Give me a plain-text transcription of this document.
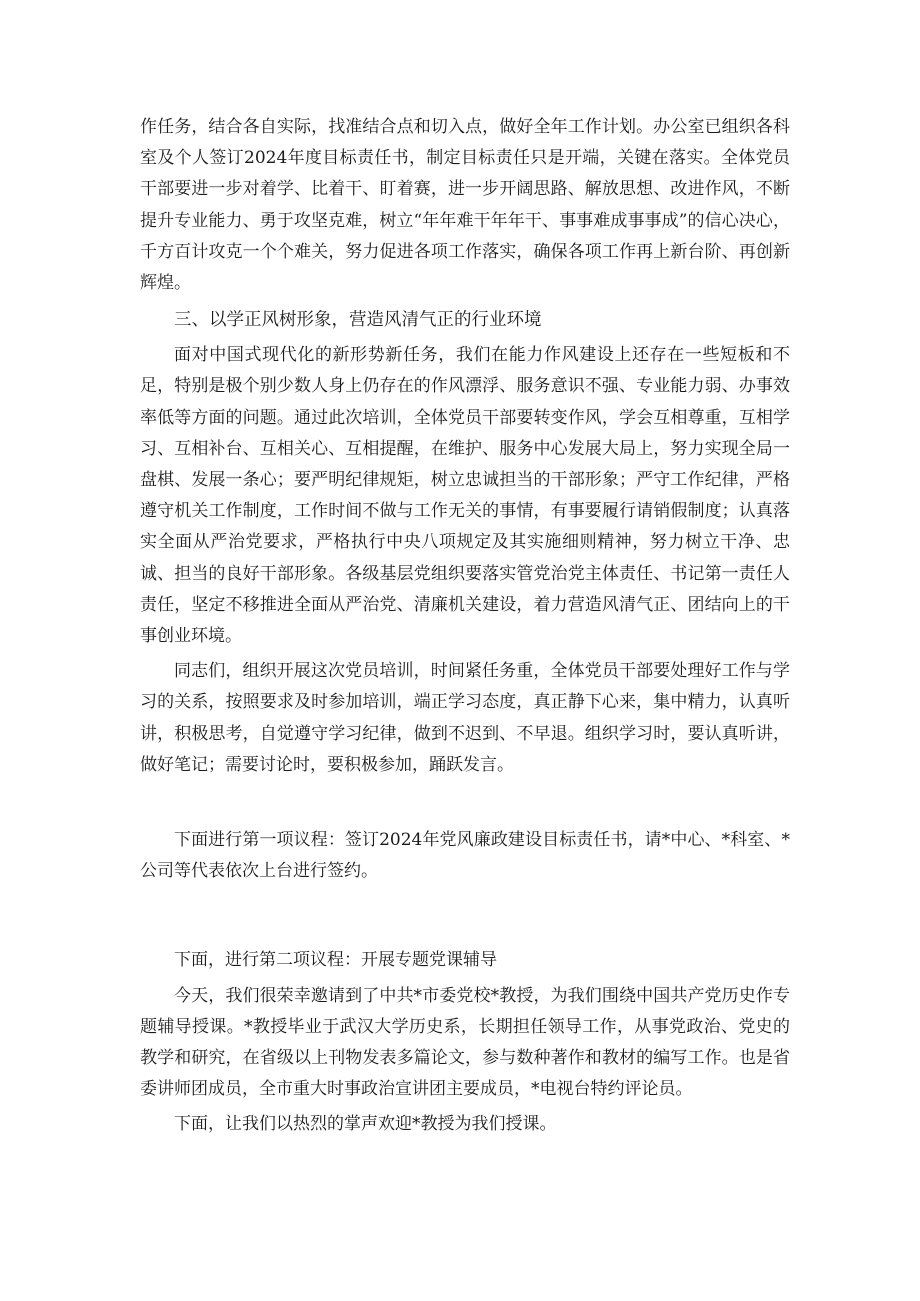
作任务，结合各自实际，找准结合点和切入点，做好全年工作计划。办公室已组织各科室及个人签订2024年度目标责任书，制定目标责任只是开端，关键在落实。全体党员干部要进一步对着学、比着干、盯着赛，进一步开阔思路、解放思想、改进作风，不断提升专业能力、勇于攻坚克难，树立“年年难干年年干、事事难成事事成”的信心决心，千方百计攻克一个个难关，努力促进各项工作落实，确保各项工作再上新台阶、再创新辉煌。

三、以学正风树形象，营造风清气正的行业环境

面对中国式现代化的新形势新任务，我们在能力作风建设上还存在一些短板和不足，特别是极个别少数人身上仍存在的作风漂浮、服务意识不强、专业能力弱、办事效率低等方面的问题。通过此次培训，全体党员干部要转变作风，学会互相尊重，互相学习、互相补台、互相关心、互相提醒，在维护、服务中心发展大局上，努力实现全局一盘棋、发展一条心；要严明纪律规矩，树立忠诚担当的干部形象；严守工作纪律，严格遵守机关工作制度，工作时间不做与工作无关的事情，有事要履行请销假制度；认真落实全面从严治党要求，严格执行中央八项规定及其实施细则精神，努力树立干净、忠诚、担当的良好干部形象。各级基层党组织要落实管党治党主体责任、书记第一责任人责任，坚定不移推进全面从严治党、清廉机关建设，着力营造风清气正、团结向上的干事创业环境。

同志们，组织开展这次党员培训，时间紧任务重，全体党员干部要处理好工作与学习的关系，按照要求及时参加培训，端正学习态度，真正静下心来，集中精力，认真听讲，积极思考，自觉遵守学习纪律，做到不迟到、不早退。组织学习时，要认真听讲，做好笔记；需要讨论时，要积极参加，踊跃发言。

下面进行第一项议程：签订2024年党风廉政建设目标责任书，请*中心、*科室、*公司等代表依次上台进行签约。

下面，进行第二项议程：开展专题党课辅导

今天，我们很荣幸邀请到了中共*市委党校*教授，为我们围绕中国共产党历史作专题辅导授课。*教授毕业于武汉大学历史系，长期担任领导工作，从事党政治、党史的教学和研究，在省级以上刊物发表多篇论文，参与数种著作和教材的编写工作。也是省委讲师团成员，全市重大时事政治宣讲团主要成员，*电视台特约评论员。

下面，让我们以热烈的掌声欢迎*教授为我们授课。
